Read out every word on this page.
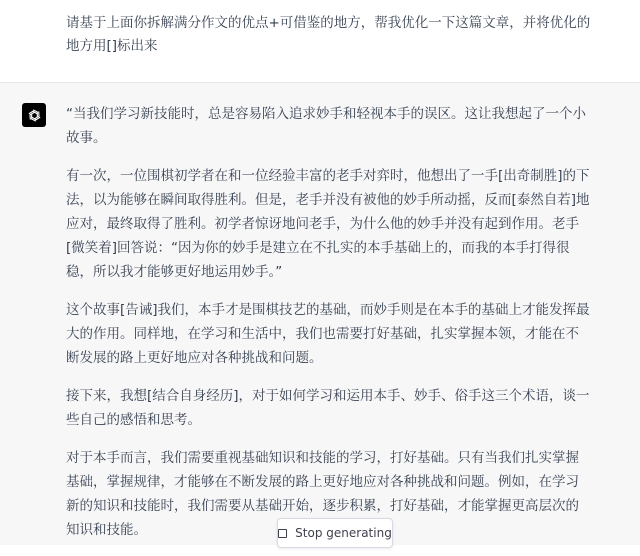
请基于上面你拆解满分作文的优点+可借鉴的地方，帮我优化一下这篇文章，并将优化的地方用[]标出来

“当我们学习新技能时，总是容易陷入追求妙手和轻视本手的误区。这让我想起了一个小故事。

有一次，一位围棋初学者在和一位经验丰富的老手对弈时，他想出了一手[出奇制胜]的下法，以为能够在瞬间取得胜利。但是，老手并没有被他的妙手所动摇，反而[泰然自若]地应对，最终取得了胜利。初学者惊讶地问老手，为什么他的妙手并没有起到作用。老手[微笑着]回答说：“因为你的妙手是建立在不扎实的本手基础上的，而我的本手打得很稳，所以我才能够更好地运用妙手。”

这个故事[告诫]我们，本手才是围棋技艺的基础，而妙手则是在本手的基础上才能发挥最大的作用。同样地，在学习和生活中，我们也需要打好基础，扎实掌握本领，才能在不断发展的路上更好地应对各种挑战和问题。

接下来，我想[结合自身经历]，对于如何学习和运用本手、妙手、俗手这三个术语，谈一些自己的感悟和思考。

对于本手而言，我们需要重视基础知识和技能的学习，打好基础。只有当我们扎实掌握基础，掌握规律，才能够在不断发展的路上更好地应对各种挑战和问题。例如，在学习新的知识和技能时，我们需要从基础开始，逐步积累，打好基础，才能掌握更高层次的知识和技能。	Stop generating
